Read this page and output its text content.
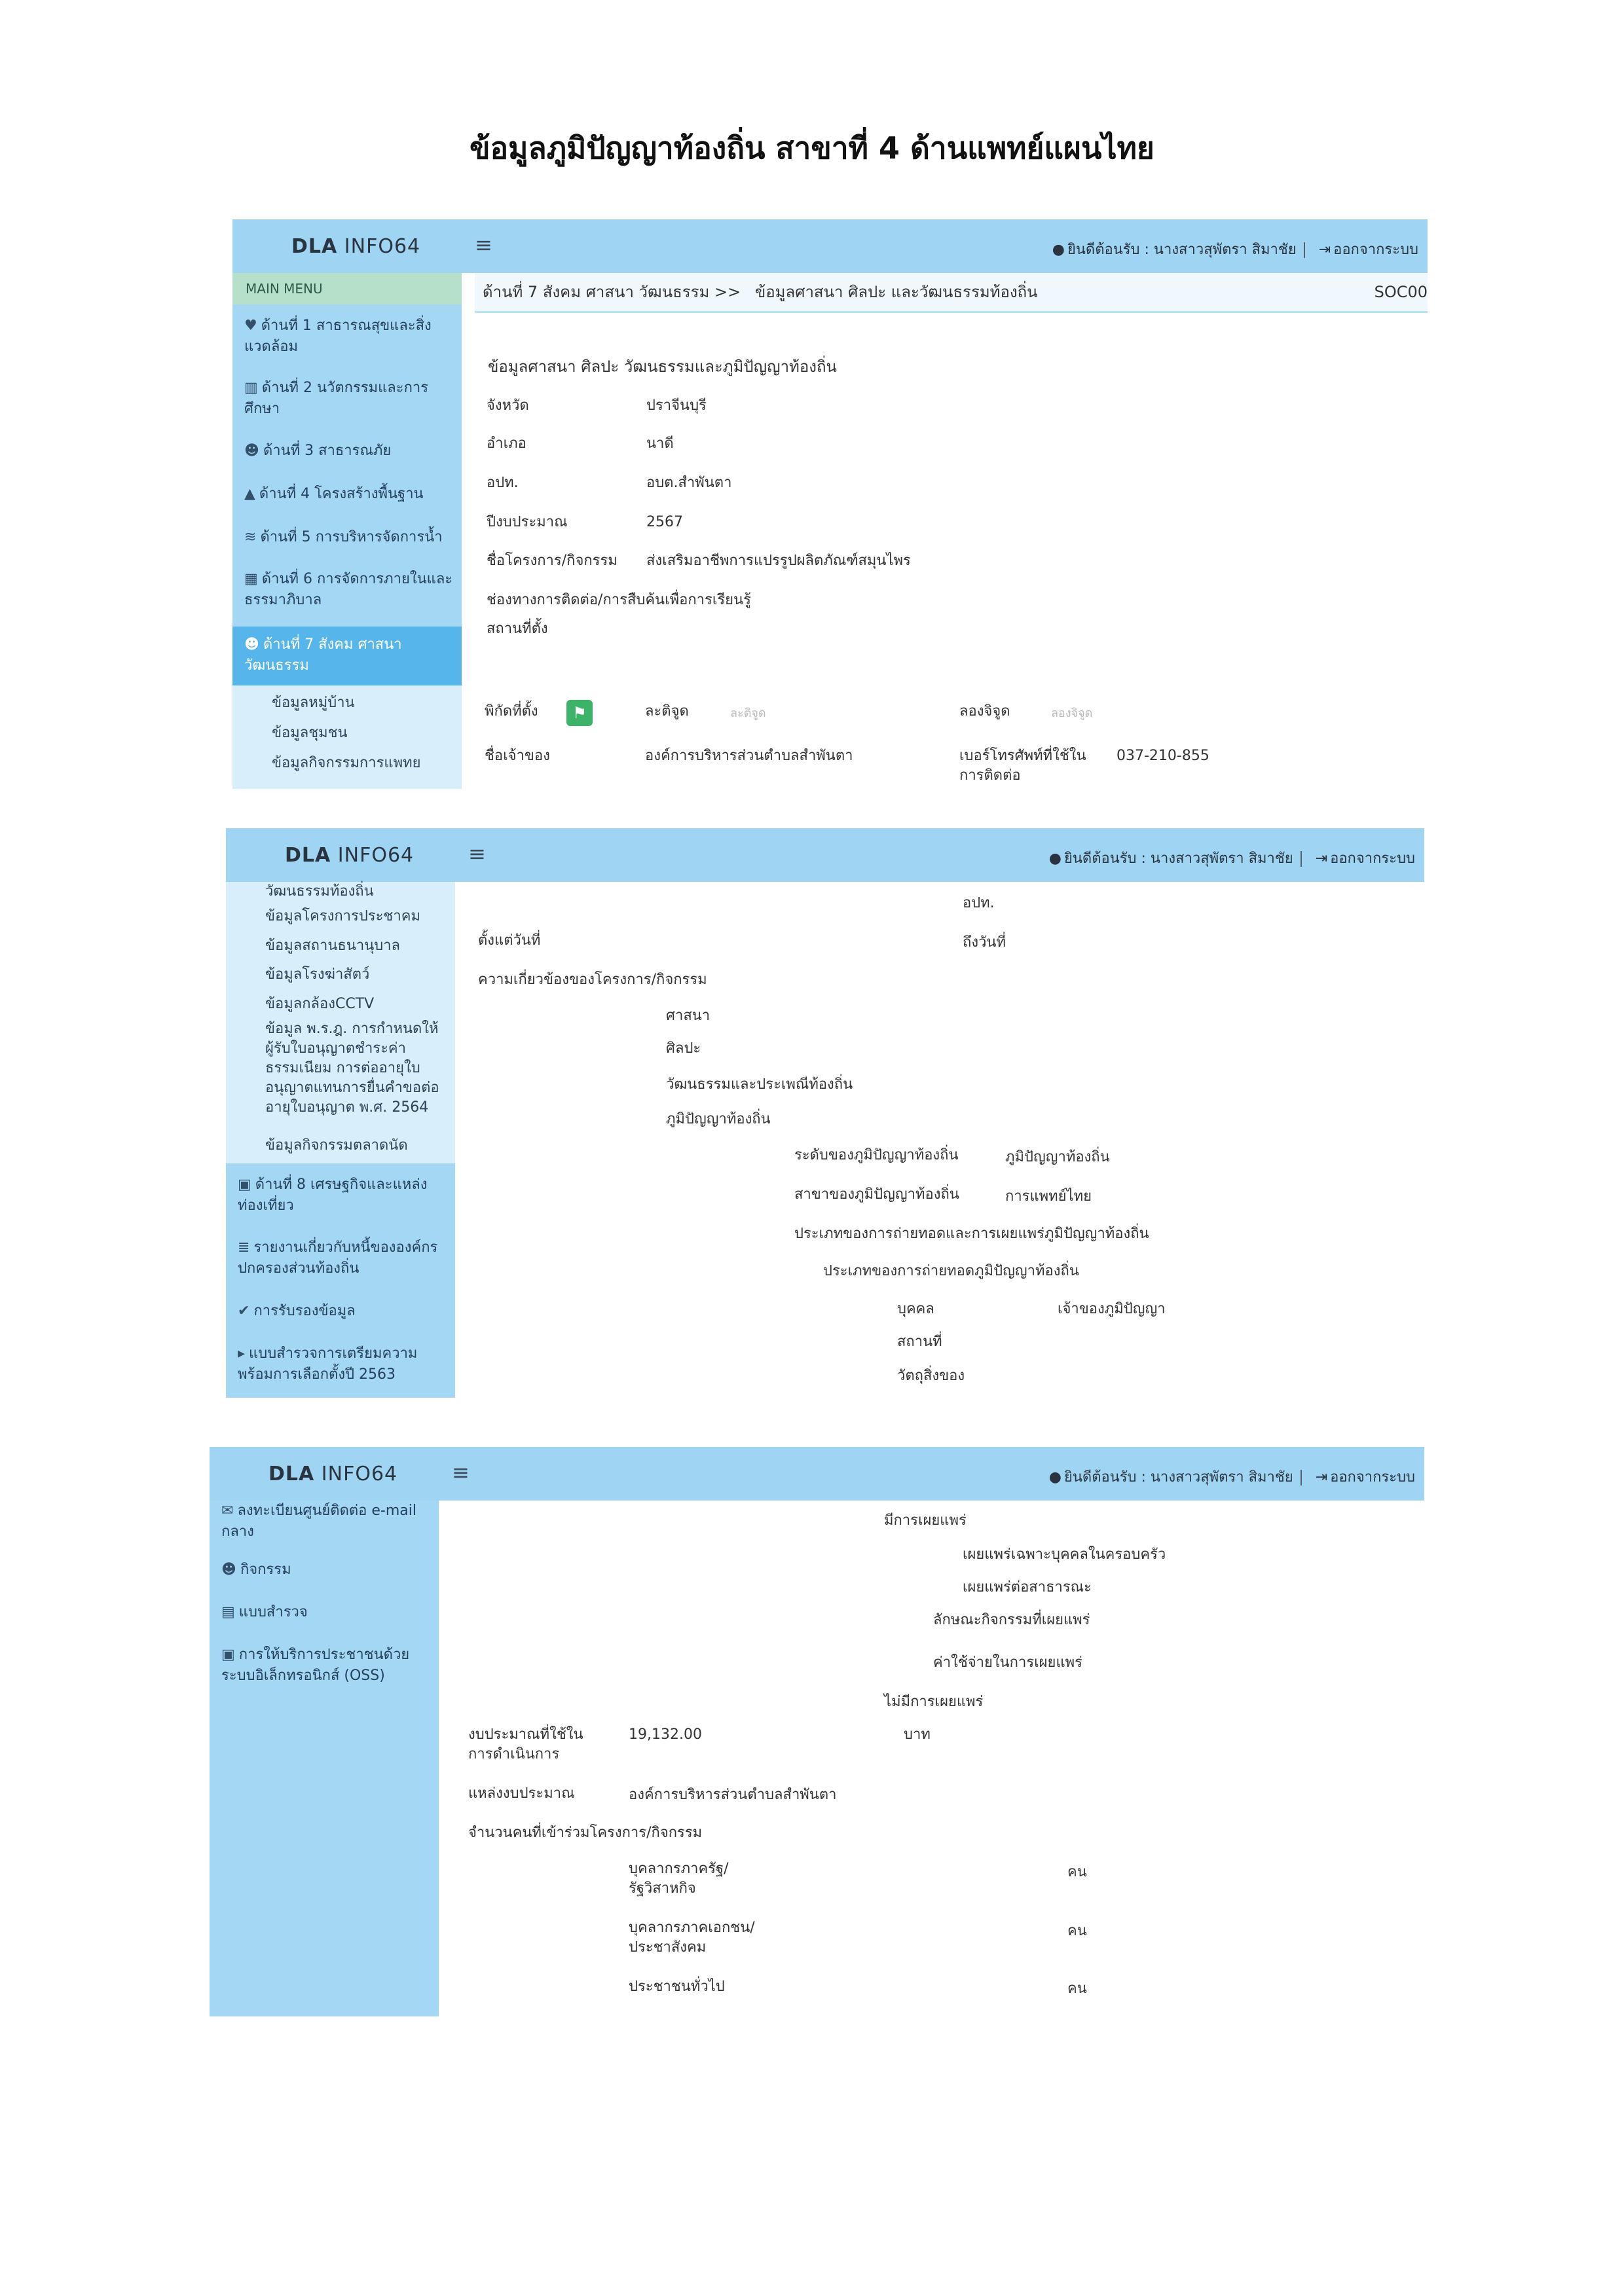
ข้อมูลภูมิปัญญาท้องถิ่น สาขาที่ 4 ด้านแพทย์แผนไทย
DLA INFO64	≡	● ยินดีต้อนรับ : นางสาวสุพัตรา สิมาชัย ⇥ ออกจากระบบ
MAIN MENU
♥ ด้านที่ 1 สาธารณสุขและสิ่งแวดล้อม
▥ ด้านที่ 2 นวัตกรรมและการศึกษา
☻ ด้านที่ 3 สาธารณภัย
▲ ด้านที่ 4 โครงสร้างพื้นฐาน
≋ ด้านที่ 5 การบริหารจัดการน้ำ
▦ ด้านที่ 6 การจัดการภายในและธรรมาภิบาล
☻ ด้านที่ 7 สังคม ศาสนา วัฒนธรรม
ข้อมูลหมู่บ้าน
ข้อมูลชุมชน
ข้อมูลกิจกรรมการแพทย
ด้านที่ 7 สังคม ศาสนา วัฒนธรรม >> ข้อมูลศาสนา ศิลปะ และวัฒนธรรมท้องถิ่น	SOC00
ข้อมูลศาสนา ศิลปะ วัฒนธรรมและภูมิปัญญาท้องถิ่น
จังหวัด	ปราจีนบุรี
อำเภอ	นาดี
อปท.	อบต.สำพันตา
ปีงบประมาณ	2567
ชื่อโครงการ/กิจกรรม ส่งเสริมอาชีพการแปรรูปผลิตภัณฑ์สมุนไพร
ช่องทางการติดต่อ/การสืบค้นเพื่อการเรียนรู้
สถานที่ตั้ง
พิกัดที่ตั้ง	⚑	ละติจูด	ละติจูด	ลองจิจูด	ลองจิจูด
ชื่อเจ้าของ	องค์การบริหารส่วนตำบลสำพันตา	เบอร์โทรศัพท์ที่ใช้ในการติดต่อ
037-210-855
DLA INFO64	≡	● ยินดีต้อนรับ : นางสาวสุพัตรา สิมาชัย ⇥ ออกจากระบบ
วัฒนธรรมท้องถิ่น
ข้อมูลโครงการประชาคม
ข้อมูลสถานธนานุบาล
ข้อมูลโรงฆ่าสัตว์
ข้อมูลกล้องCCTV
ข้อมูล พ.ร.ฎ. การกำหนดให้ผู้รับใบอนุญาตชำระค่าธรรมเนียม การต่ออายุใบอนุญาตแทนการยื่นคำขอต่ออายุใบอนุญาต พ.ศ. 2564
ข้อมูลกิจกรรมตลาดนัด
▣ ด้านที่ 8 เศรษฐกิจและแหล่งท่องเที่ยว
≣ รายงานเกี่ยวกับหนี้ขององค์กรปกครองส่วนท้องถิ่น
✔ การรับรองข้อมูล
▸ แบบสำรวจการเตรียมความพร้อมการเลือกตั้งปี 2563
อปท.
ตั้งแต่วันที่	ถึงวันที่
ความเกี่ยวข้องของโครงการ/กิจกรรม
ศาสนา
ศิลปะ
วัฒนธรรมและประเพณีท้องถิ่น
ภูมิปัญญาท้องถิ่น
ระดับของภูมิปัญญาท้องถิ่น	ภูมิปัญญาท้องถิ่น
สาขาของภูมิปัญญาท้องถิ่น	การแพทย์ไทย
ประเภทของการถ่ายทอดและการเผยแพร่ภูมิปัญญาท้องถิ่น
ประเภทของการถ่ายทอดภูมิปัญญาท้องถิ่น
บุคคล	เจ้าของภูมิปัญญา
สถานที่
วัตถุสิ่งของ
DLA INFO64	≡	● ยินดีต้อนรับ : นางสาวสุพัตรา สิมาชัย ⇥ ออกจากระบบ
✉ ลงทะเบียนศูนย์ติดต่อ e-mail กลาง
☻ กิจกรรม
▤ แบบสำรวจ
▣ การให้บริการประชาชนด้วยระบบอิเล็กทรอนิกส์ (OSS)
มีการเผยแพร่
เผยแพร่เฉพาะบุคคลในครอบครัว
เผยแพร่ต่อสาธารณะ
ลักษณะกิจกรรมที่เผยแพร่
ค่าใช้จ่ายในการเผยแพร่
ไม่มีการเผยแพร่
งบประมาณที่ใช้ในการดำเนินการ
19,132.00	บาท
แหล่งงบประมาณ	องค์การบริหารส่วนตำบลสำพันตา
จำนวนคนที่เข้าร่วมโครงการ/กิจกรรม
บุคลากรภาครัฐ/รัฐวิสาหกิจ
คน
บุคลากรภาคเอกชน/ประชาสังคม
คน
ประชาชนทั่วไป	คน
